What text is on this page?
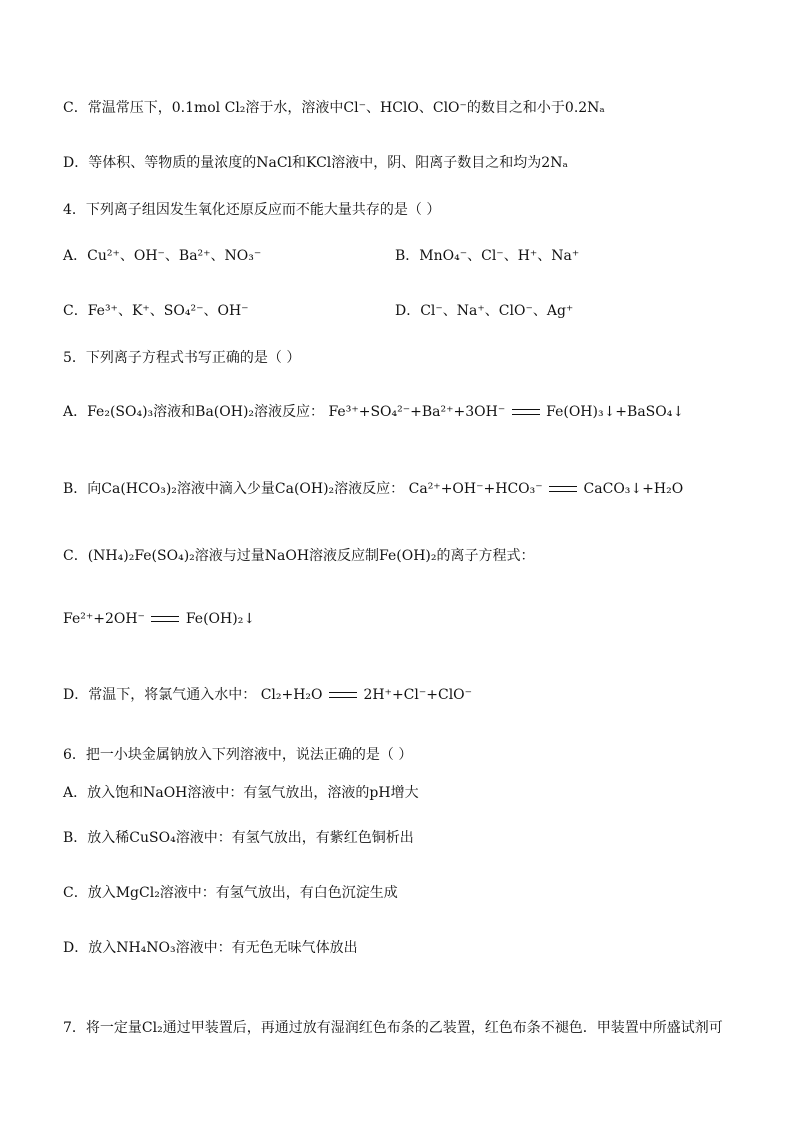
C．常温常压下，0.1mol Cl₂溶于水，溶液中Cl⁻、HClO、ClO⁻的数目之和小于0.2Nₐ
D．等体积、等物质的量浓度的NaCl和KCl溶液中，阴、阳离子数目之和均为2Nₐ
4．下列离子组因发生氧化还原反应而不能大量共存的是（ ）
A．Cu²⁺、OH⁻、Ba²⁺、NO₃⁻	B．MnO₄⁻、Cl⁻、H⁺、Na⁺
C．Fe³⁺、K⁺、SO₄²⁻、OH⁻	D．Cl⁻、Na⁺、ClO⁻、Ag⁺
5．下列离子方程式书写正确的是（ ）
A．Fe₂(SO₄)₃溶液和Ba(OH)₂溶液反应： Fe³⁺+SO₄²⁻+Ba²⁺+3OH⁻	Fe(OH)₃↓+BaSO₄↓
B．向Ca(HCO₃)₂溶液中滴入少量Ca(OH)₂溶液反应： Ca²⁺+OH⁻+HCO₃⁻	CaCO₃↓+H₂O
C．(NH₄)₂Fe(SO₄)₂溶液与过量NaOH溶液反应制Fe(OH)₂的离子方程式：
Fe²⁺+2OH⁻	Fe(OH)₂↓
D．常温下，将氯气通入水中： Cl₂+H₂O	2H⁺+Cl⁻+ClO⁻
6．把一小块金属钠放入下列溶液中，说法正确的是（ ）
A．放入饱和NaOH溶液中：有氢气放出，溶液的pH增大
B．放入稀CuSO₄溶液中：有氢气放出，有紫红色铜析出
C．放入MgCl₂溶液中：有氢气放出，有白色沉淀生成
D．放入NH₄NO₃溶液中：有无色无味气体放出
7．将一定量Cl₂通过甲装置后，再通过放有湿润红色布条的乙装置，红色布条不褪色．甲装置中所盛试剂可
